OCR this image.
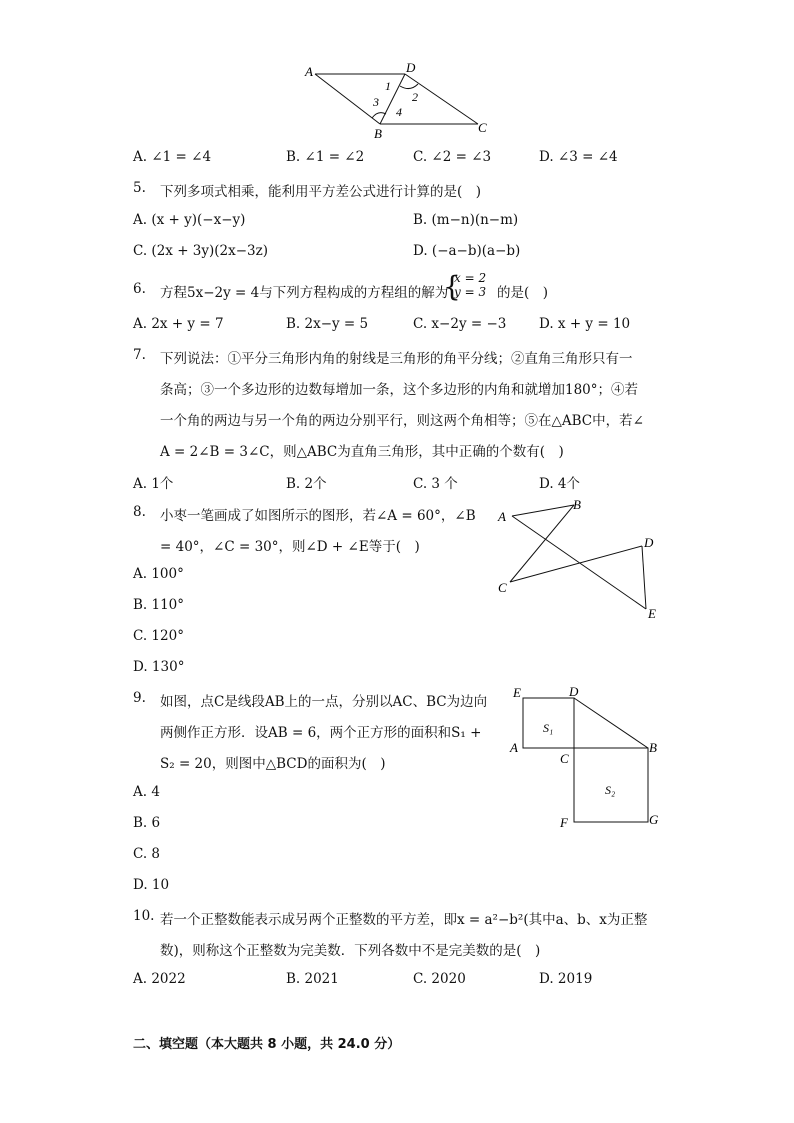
A	D
B	C
1
2
3
4
A. ∠1 = ∠4	B. ∠1 = ∠2	C. ∠2 = ∠3	D. ∠3 = ∠4
5. 下列多项式相乘，能利用平方差公式进行计算的是(　)
A. (x + y)(−x−y)	B. (m−n)(n−m)
C. (2x + 3y)(2x−3z)	D. (−a−b)(a−b)
6. 方程5x−2y = 4与下列方程构成的方程组的解为
{
x = 2
y = 3 的是(　)
A. 2x + y = 7	B. 2x−y = 5	C. x−2y = −3 D. x + y = 10
7. 下列说法：①平分三角形内角的射线是三角形的角平分线；②直角三角形只有一
条高；③一个多边形的边数每增加一条，这个多边形的内角和就增加180°；④若
一个角的两边与另一个角的两边分别平行，则这两个角相等；⑤在△ABC中，若∠
A = 2∠B = 3∠C，则△ABC为直角三角形，其中正确的个数有(　)
A. 1个	B. 2个	C. 3 个	D. 4个
8. 小枣一笔画成了如图所示的图形，若∠A = 60°，∠B
= 40°，∠C = 30°，则∠D + ∠E等于(　)
A. 100°
B. 110°
C. 120°
D. 130°
A
B
C
D
E
9. 如图，点C是线段AB上的一点，分别以AC、BC为边向
两侧作正方形．设AB = 6，两个正方形的面积和S₁ +
S₂ = 20，则图中△BCD的面积为(　)
A. 4
B. 6
C. 8
D. 10
E	D
A
C
B
F	G
S₁
S₂
10. 若一个正整数能表示成另两个正整数的平方差，即x = a²−b²(其中a、b、x为正整
数)，则称这个正整数为完美数．下列各数中不是完美数的是(　)
A. 2022	B. 2021	C. 2020	D. 2019
二、填空题（本大题共 8 小题，共 24.0 分）
